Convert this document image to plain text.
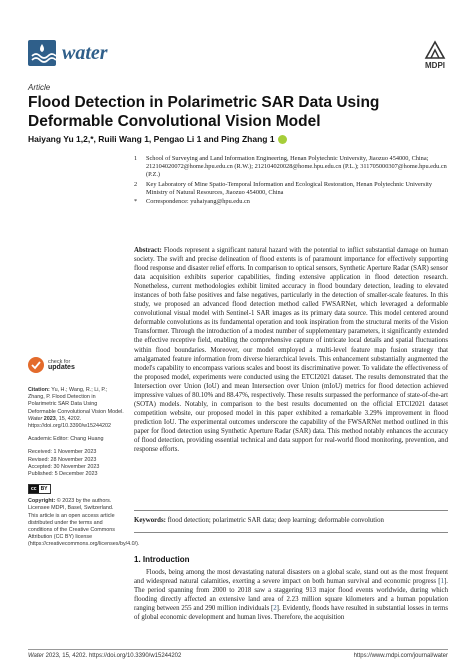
water
MDPI
Article
Flood Detection in Polarimetric SAR Data Using Deformable Convolutional Vision Model
Haiyang Yu 1,2,*, Ruili Wang 1, Pengao Li 1 and Ping Zhang 1
1	School of Surveying and Land Information Engineering, Henan Polytechnic University, Jiaozuo 454000, China; 212104020072@home.hpu.edu.cn (R.W.); 212104020028@home.hpu.edu.cn (P.L.); 311705000307@home.hpu.edu.cn (P.Z.)
2	Key Laboratory of Mine Spatio-Temporal Information and Ecological Restoration, Henan Polytechnic University Ministry of Natural Resources, Jiaozuo 454000, China
*	Correspondence: yuhaiyang@hpu.edu.cn
Abstract: Floods represent a significant natural hazard with the potential to inflict substantial damage on human society. The swift and precise delineation of flood extents is of paramount importance for effectively supporting flood response and disaster relief efforts. In comparison to optical sensors, Synthetic Aperture Radar (SAR) sensor data acquisition exhibits superior capabilities, finding extensive application in flood detection research. Nonetheless, current methodologies exhibit limited accuracy in flood boundary detection, leading to elevated instances of both false positives and false negatives, particularly in the detection of smaller-scale features. In this study, we proposed an advanced flood detection method called FWSARNet, which leveraged a deformable convolutional visual model with Sentinel-1 SAR images as its primary data source. This model centered around deformable convolutions as its fundamental operation and took inspiration from the structural merits of the Vision Transformer. Through the introduction of a modest number of supplementary parameters, it significantly extended the effective receptive field, enabling the comprehensive capture of intricate local details and spatial fluctuations within flood boundaries. Moreover, our model employed a multi-level feature map fusion strategy that amalgamated feature information from diverse hierarchical levels. This enhancement substantially augmented the model's capability to encompass various scales and boost its discriminative power. To validate the effectiveness of the proposed model, experiments were conducted using the ETCI2021 dataset. The results demonstrated that the Intersection over Union (IoU) and mean Intersection over Union (mIoU) metrics for flood detection achieved impressive values of 80.10% and 88.47%, respectively. These results surpassed the performance of state-of-the-art (SOTA) models. Notably, in comparison to the best results documented on the official ETCI2021 dataset competition website, our proposed model in this paper exhibited a remarkable 3.29% improvement in flood prediction IoU. The experimental outcomes underscore the capability of the FWSARNet method outlined in this paper for flood detection using Synthetic Aperture Radar (SAR) data. This method notably enhances the accuracy of flood detection, providing essential technical and data support for real-world flood monitoring, prevention, and response efforts.
Keywords: flood detection; polarimetric SAR data; deep learning; deformable convolution
1. Introduction
Floods, being among the most devastating natural disasters on a global scale, stand out as the most frequent and widespread natural calamities, exerting a severe impact on both human survival and economic progress [1]. The period spanning from 2000 to 2018 saw a staggering 913 major flood events worldwide, during which flooding directly affected an extensive land area of 2.23 million square kilometers and a human population ranging between 255 and 290 million individuals [2]. Evidently, floods have resulted in substantial losses in terms of global economic development and human lives. Therefore, the acquisition
check for
updates
Citation: Yu, H.; Wang, R.; Li, P.; Zhang, P. Flood Detection in Polarimetric SAR Data Using Deformable Convolutional Vision Model. Water 2023, 15, 4202. https://doi.org/10.3390/w15244202
Academic Editor: Chang Huang
Received: 1 November 2023
Revised: 28 November 2023
Accepted: 30 November 2023
Published: 5 December 2023
cc BY
Copyright: © 2023 by the authors. Licensee MDPI, Basel, Switzerland. This article is an open access article distributed under the terms and conditions of the Creative Commons Attribution (CC BY) license (https://creativecommons.org/licenses/by/4.0/).
Water 2023, 15, 4202. https://doi.org/10.3390/w15244202	https://www.mdpi.com/journal/water
